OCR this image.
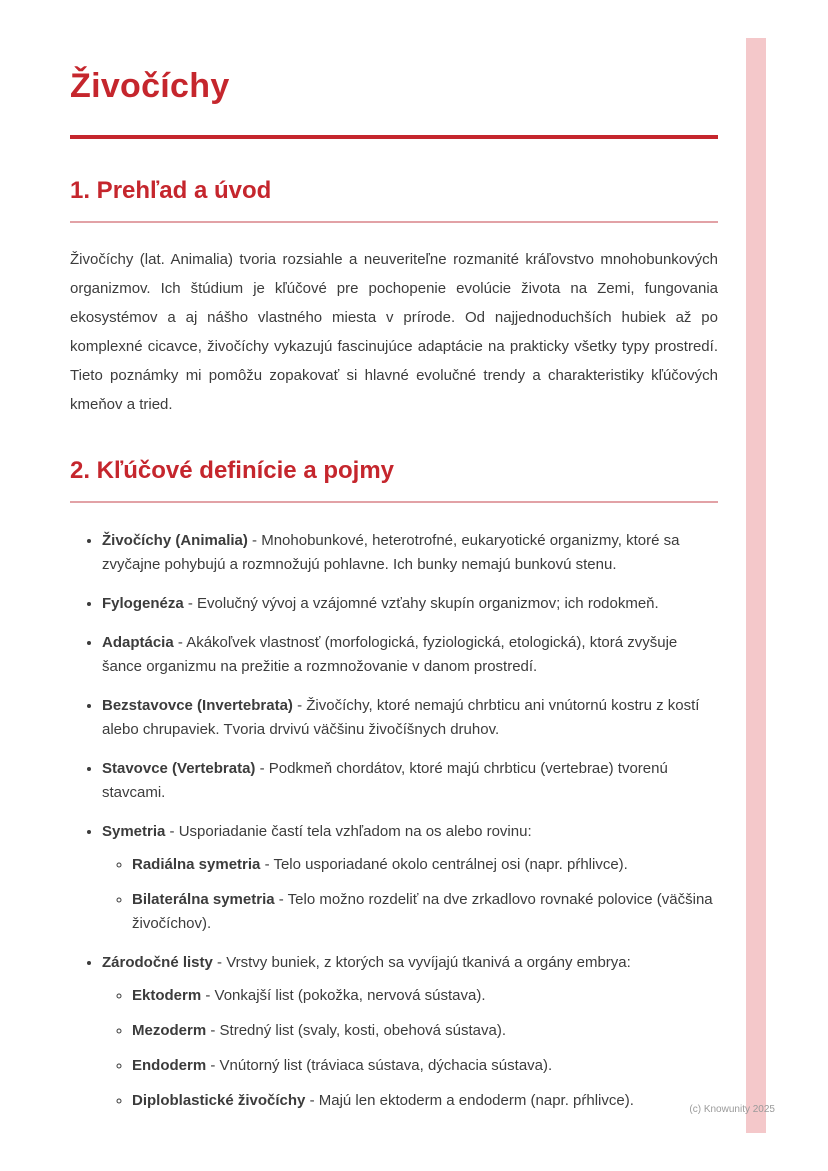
Živočíchy
1. Prehľad a úvod

Živočíchy (lat. Animalia) tvoria rozsiahle a neuveriteľne rozmanité kráľovstvo mnohobunkových organizmov. Ich štúdium je kľúčové pre pochopenie evolúcie života na Zemi, fungovania ekosystémov a aj nášho vlastného miesta v prírode. Od najjednoduchších hubiek až po komplexné cicavce, živočíchy vykazujú fascinujúce adaptácie na prakticky všetky typy prostredí. Tieto poznámky mi pomôžu zopakovať si hlavné evolučné trendy a charakteristiky kľúčových kmeňov a tried.

2. Kľúčové definície a pojmy
• Živočíchy (Animalia) - Mnohobunkové, heterotrofné, eukaryotické organizmy, ktoré sa zvyčajne pohybujú a rozmnožujú pohlavne. Ich bunky nemajú bunkovú stenu.
• Fylogenéza - Evolučný vývoj a vzájomné vzťahy skupín organizmov; ich rodokmeň.
• Adaptácia - Akákoľvek vlastnosť (morfologická, fyziologická, etologická), ktorá zvyšuje šance organizmu na prežitie a rozmnožovanie v danom prostredí.
• Bezstavovce (Invertebrata) - Živočíchy, ktoré nemajú chrbticu ani vnútornú kostru z kostí alebo chrupaviek. Tvoria drvivú väčšinu živočíšnych druhov.
• Stavovce (Vertebrata) - Podkmeň chordátov, ktoré majú chrbticu (vertebrae) tvorenú stavcami.
• Symetria - Usporiadanie častí tela vzhľadom na os alebo rovinu:
◦ Radiálna symetria - Telo usporiadané okolo centrálnej osi (napr. pŕhlivce).
◦ Bilaterálna symetria - Telo možno rozdeliť na dve zrkadlovo rovnaké polovice (väčšina živočíchov).
• Zárodočné listy - Vrstvy buniek, z ktorých sa vyvíjajú tkanivá a orgány embrya:
◦ Ektoderm - Vonkajší list (pokožka, nervová sústava).
◦ Mezoderm - Stredný list (svaly, kosti, obehová sústava).
◦ Endoderm - Vnútorný list (tráviaca sústava, dýchacia sústava).
◦ Diploblastické živočíchy - Majú len ektoderm a endoderm (napr. pŕhlivce).
(c) Knowunity 2025
